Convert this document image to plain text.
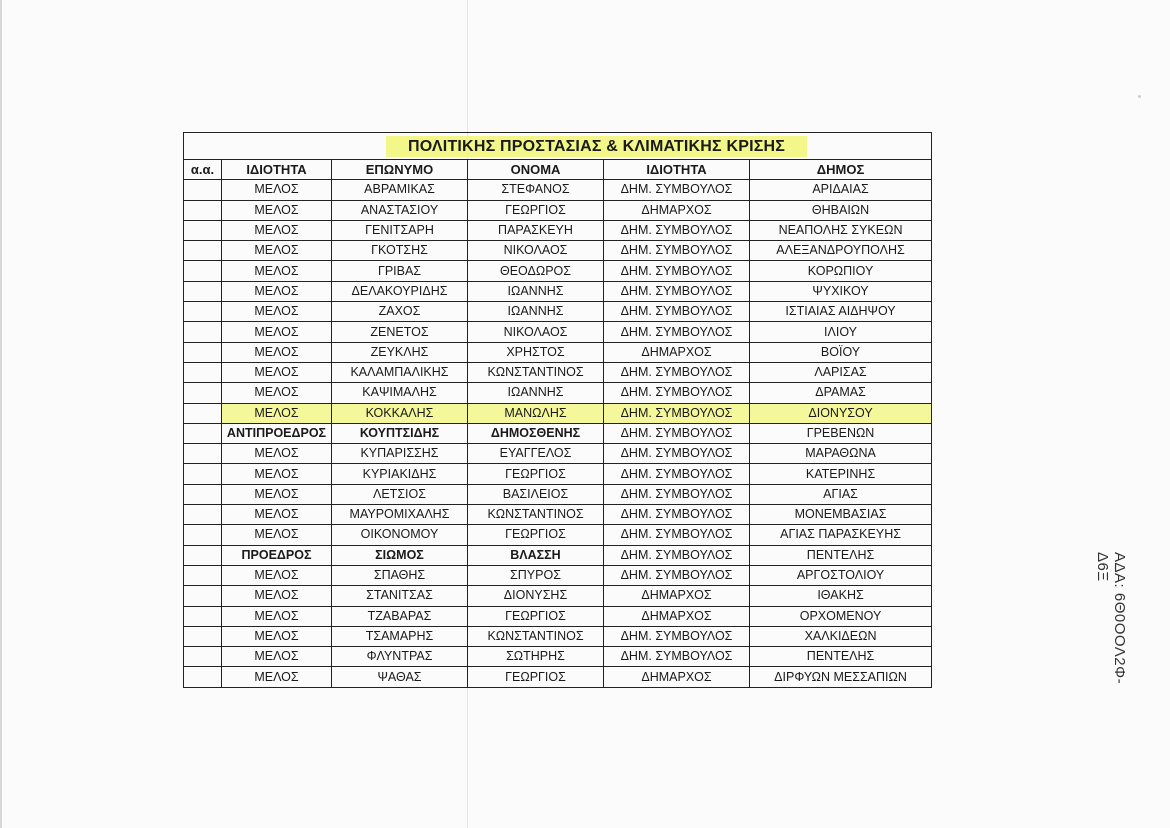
ΠΟΛΙΤΙΚΗΣ ΠΡΟΣΤΑΣΙΑΣ & ΚΛΙΜΑΤΙΚΗΣ ΚΡΙΣΗΣ					
α.α.	ΙΔΙΟΤΗΤΑ	ΕΠΩΝΥΜΟ	ΟΝΟΜΑ	ΙΔΙΟΤΗΤΑ	ΔΗΜΟΣ
	ΜΕΛΟΣ	ΑΒΡΑΜΙΚΑΣ	ΣΤΕΦΑΝΟΣ	ΔΗΜ. ΣΥΜΒΟΥΛΟΣ	ΑΡΙΔΑΙΑΣ
	ΜΕΛΟΣ	ΑΝΑΣΤΑΣΙΟΥ	ΓΕΩΡΓΙΟΣ	ΔΗΜΑΡΧΟΣ	ΘΗΒΑΙΩΝ
	ΜΕΛΟΣ	ΓΕΝΙΤΣΑΡΗ	ΠΑΡΑΣΚΕΥΗ	ΔΗΜ. ΣΥΜΒΟΥΛΟΣ	ΝΕΑΠΟΛΗΣ ΣΥΚΕΩΝ
	ΜΕΛΟΣ	ΓΚΟΤΣΗΣ	ΝΙΚΟΛΑΟΣ	ΔΗΜ. ΣΥΜΒΟΥΛΟΣ	ΑΛΕΞΑΝΔΡΟΥΠΟΛΗΣ
	ΜΕΛΟΣ	ΓΡΙΒΑΣ	ΘΕΟΔΩΡΟΣ	ΔΗΜ. ΣΥΜΒΟΥΛΟΣ	ΚΟΡΩΠΙΟΥ
	ΜΕΛΟΣ	ΔΕΛΑΚΟΥΡΙΔΗΣ	ΙΩΑΝΝΗΣ	ΔΗΜ. ΣΥΜΒΟΥΛΟΣ	ΨΥΧΙΚΟΥ
	ΜΕΛΟΣ	ΖΑΧΟΣ	ΙΩΑΝΝΗΣ	ΔΗΜ. ΣΥΜΒΟΥΛΟΣ	ΙΣΤΙΑΙΑΣ ΑΙΔΗΨΟΥ
	ΜΕΛΟΣ	ΖΕΝΕΤΟΣ	ΝΙΚΟΛΑΟΣ	ΔΗΜ. ΣΥΜΒΟΥΛΟΣ	ΙΛΙΟΥ
	ΜΕΛΟΣ	ΖΕΥΚΛΗΣ	ΧΡΗΣΤΟΣ	ΔΗΜΑΡΧΟΣ	ΒΟΪΟΥ
	ΜΕΛΟΣ	ΚΑΛΑΜΠΑΛΙΚΗΣ	ΚΩΝΣΤΑΝΤΙΝΟΣ	ΔΗΜ. ΣΥΜΒΟΥΛΟΣ	ΛΑΡΙΣΑΣ
	ΜΕΛΟΣ	ΚΑΨΙΜΑΛΗΣ	ΙΩΑΝΝΗΣ	ΔΗΜ. ΣΥΜΒΟΥΛΟΣ	ΔΡΑΜΑΣ
	ΜΕΛΟΣ	ΚΟΚΚΑΛΗΣ	ΜΑΝΩΛΗΣ	ΔΗΜ. ΣΥΜΒΟΥΛΟΣ	ΔΙΟΝΥΣΟΥ
	ΑΝΤΙΠΡΟΕΔΡΟΣ	ΚΟΥΠΤΣΙΔΗΣ	ΔΗΜΟΣΘΕΝΗΣ	ΔΗΜ. ΣΥΜΒΟΥΛΟΣ	ΓΡΕΒΕΝΩΝ
	ΜΕΛΟΣ	ΚΥΠΑΡΙΣΣΗΣ	ΕΥΑΓΓΕΛΟΣ	ΔΗΜ. ΣΥΜΒΟΥΛΟΣ	ΜΑΡΑΘΩΝΑ
	ΜΕΛΟΣ	ΚΥΡΙΑΚΙΔΗΣ	ΓΕΩΡΓΙΟΣ	ΔΗΜ. ΣΥΜΒΟΥΛΟΣ	ΚΑΤΕΡΙΝΗΣ
	ΜΕΛΟΣ	ΛΕΤΣΙΟΣ	ΒΑΣΙΛΕΙΟΣ	ΔΗΜ. ΣΥΜΒΟΥΛΟΣ	ΑΓΙΑΣ
	ΜΕΛΟΣ	ΜΑΥΡΟΜΙΧΑΛΗΣ	ΚΩΝΣΤΑΝΤΙΝΟΣ	ΔΗΜ. ΣΥΜΒΟΥΛΟΣ	ΜΟΝΕΜΒΑΣΙΑΣ
	ΜΕΛΟΣ	ΟΙΚΟΝΟΜΟΥ	ΓΕΩΡΓΙΟΣ	ΔΗΜ. ΣΥΜΒΟΥΛΟΣ	ΑΓΙΑΣ ΠΑΡΑΣΚΕΥΗΣ
	ΠΡΟΕΔΡΟΣ	ΣΙΩΜΟΣ	ΒΛΑΣΣΗ	ΔΗΜ. ΣΥΜΒΟΥΛΟΣ	ΠΕΝΤΕΛΗΣ
	ΜΕΛΟΣ	ΣΠΑΘΗΣ	ΣΠΥΡΟΣ	ΔΗΜ. ΣΥΜΒΟΥΛΟΣ	ΑΡΓΟΣΤΟΛΙΟΥ
	ΜΕΛΟΣ	ΣΤΑΝΙΤΣΑΣ	ΔΙΟΝΥΣΗΣ	ΔΗΜΑΡΧΟΣ	ΙΘΑΚΗΣ
	ΜΕΛΟΣ	ΤΖΑΒΑΡΑΣ	ΓΕΩΡΓΙΟΣ	ΔΗΜΑΡΧΟΣ	ΟΡΧΟΜΕΝΟΥ
	ΜΕΛΟΣ	ΤΣΑΜΑΡΗΣ	ΚΩΝΣΤΑΝΤΙΝΟΣ	ΔΗΜ. ΣΥΜΒΟΥΛΟΣ	ΧΑΛΚΙΔΕΩΝ
	ΜΕΛΟΣ	ΦΛΥΝΤΡΑΣ	ΣΩΤΗΡΗΣ	ΔΗΜ. ΣΥΜΒΟΥΛΟΣ	ΠΕΝΤΕΛΗΣ
	ΜΕΛΟΣ	ΨΑΘΑΣ	ΓΕΩΡΓΙΟΣ	ΔΗΜΑΡΧΟΣ	ΔΙΡΦΥΩΝ ΜΕΣΣΑΠΙΩΝ	ΑΔΑ: 6Θ0ΟΟΛ2Φ-Δ6Ξ
